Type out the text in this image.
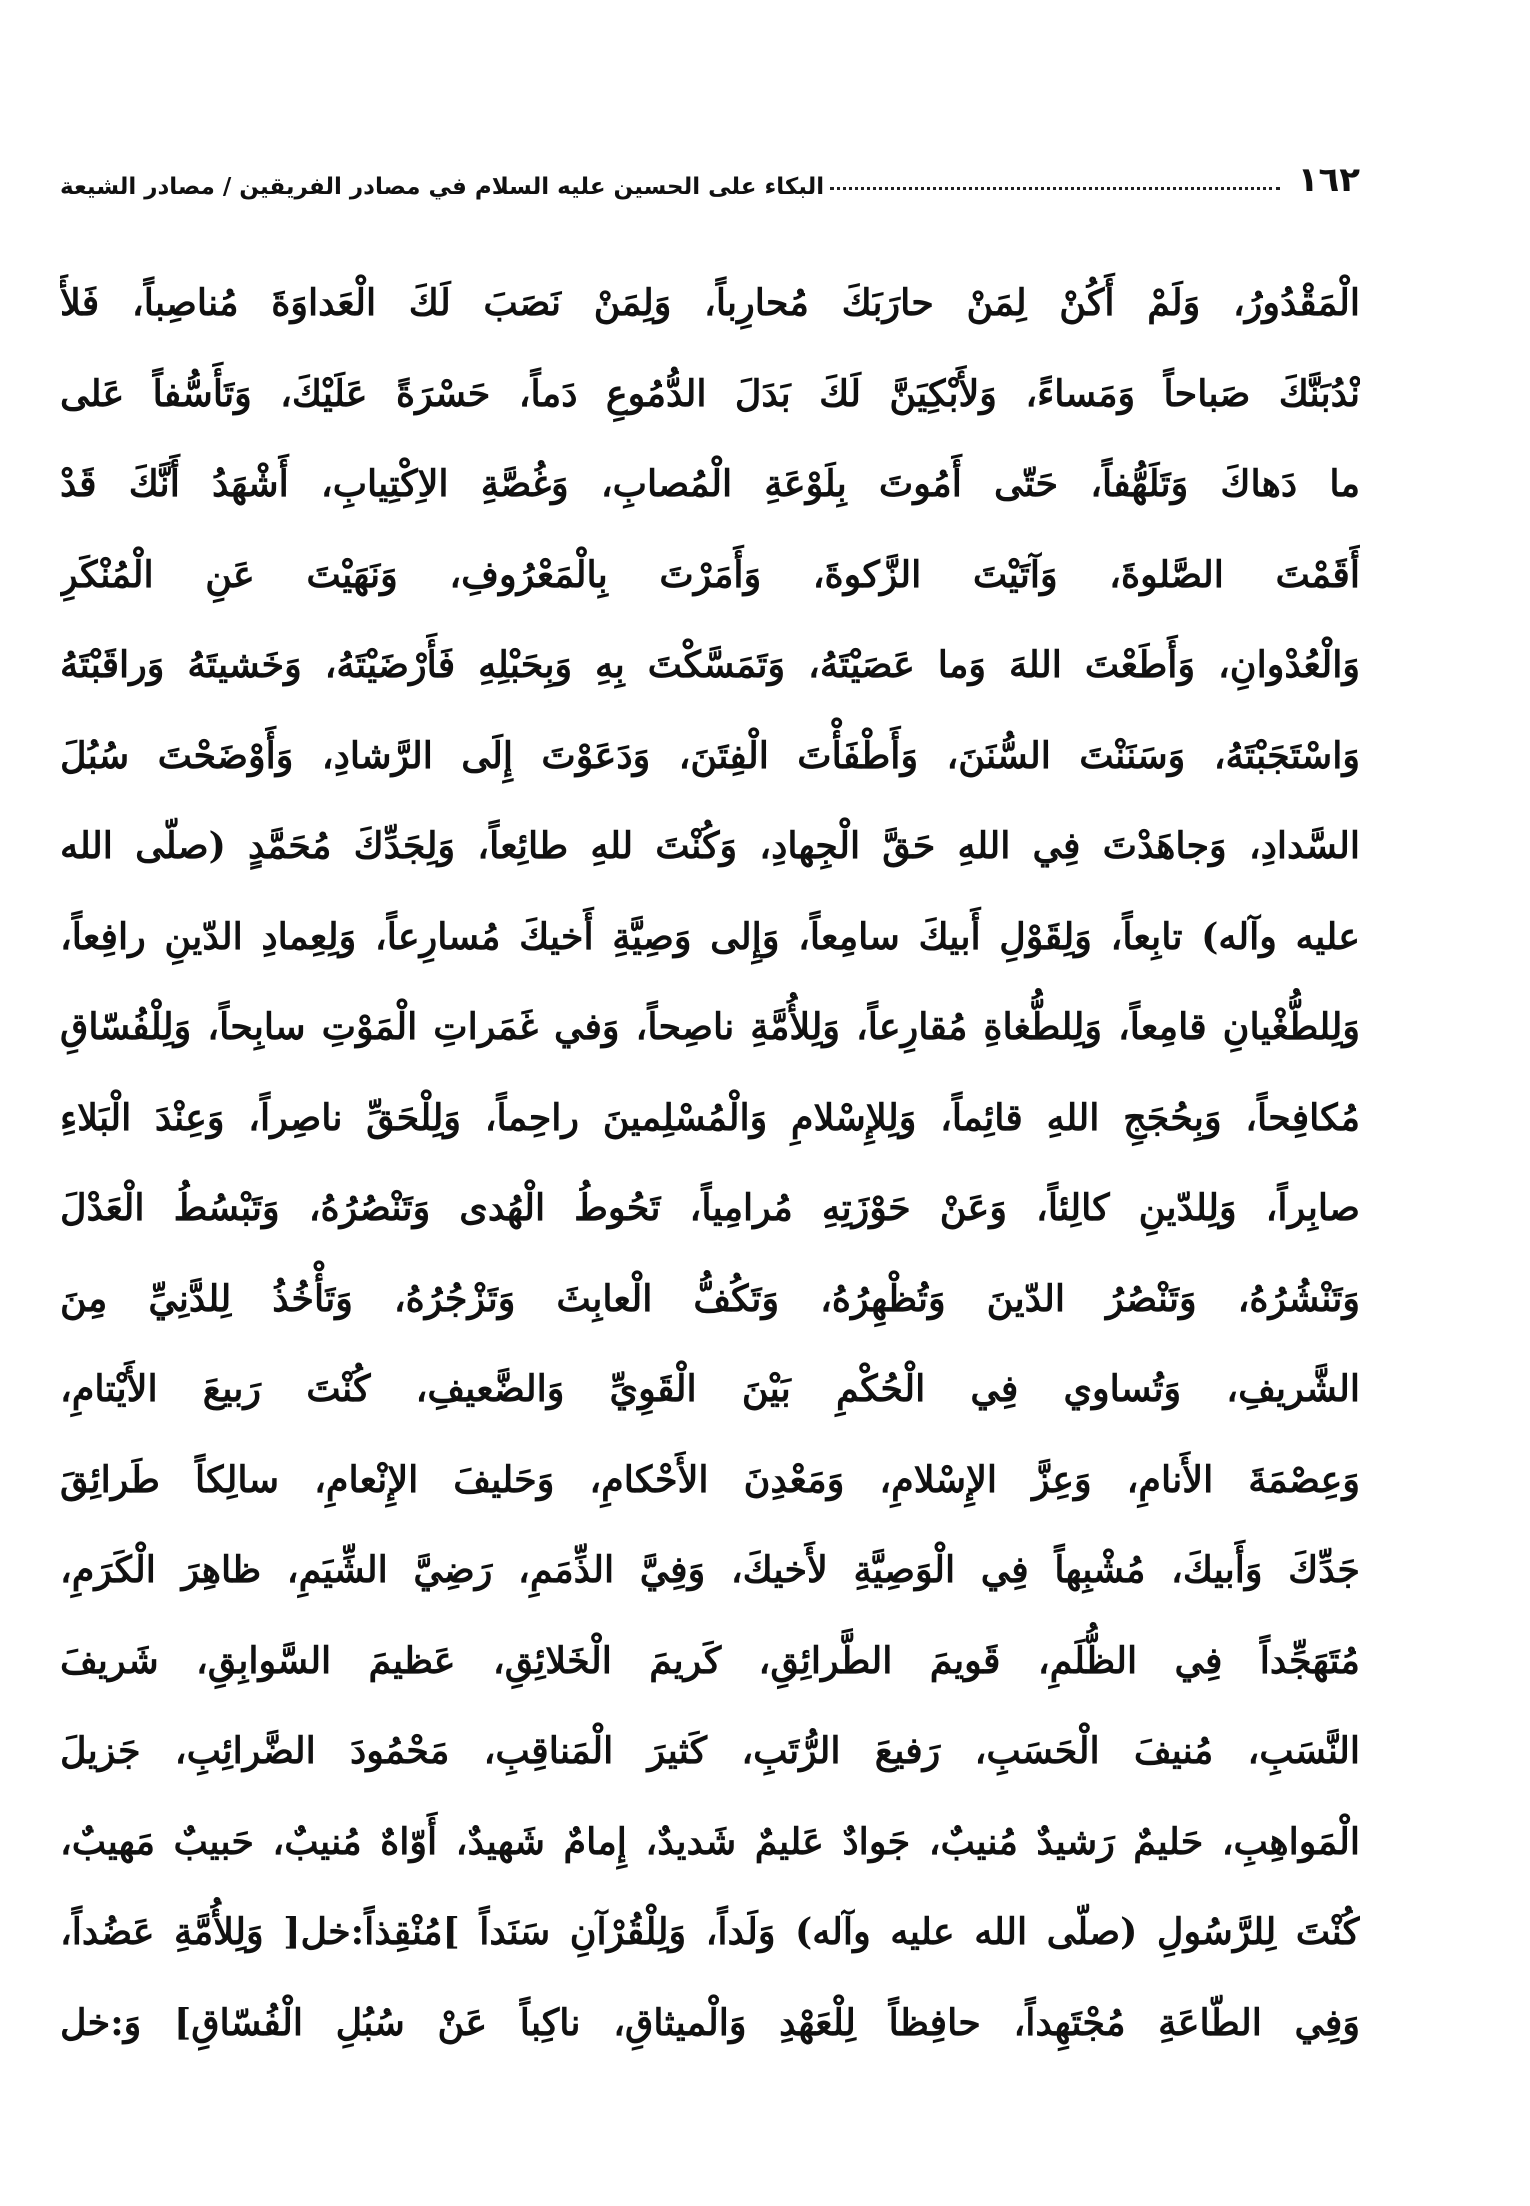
١٦٢
البكاء على الحسين عليه السلام في مصادر الفريقين / مصادر الشيعة
الْمَقْدُورُ، وَلَمْ أَكُنْ لِمَنْ حارَبَكَ مُحارِباً، وَلِمَنْ نَصَبَ لَكَ الْعَداوَةَ مُناصِباً، فَلأَ
نْدُبَنَّكَ صَباحاً وَمَساءً، وَلأَبْكِيَنَّ لَكَ بَدَلَ الدُّمُوعِ دَماً، حَسْرَةً عَلَيْكَ، وَتَأَسُّفاً عَلى
ما دَهاكَ وَتَلَهُّفاً، حَتّى أَمُوتَ بِلَوْعَةِ الْمُصابِ، وَغُصَّةِ الاِكْتِيابِ، أَشْهَدُ أَنَّكَ قَدْ
أَقَمْتَ الصَّلوةَ، وَآتَيْتَ الزَّكوةَ، وَأَمَرْتَ بِالْمَعْرُوفِ، وَنَهَيْتَ عَنِ الْمُنْكَرِ
وَالْعُدْوانِ، وَأَطَعْتَ اللهَ وَما عَصَيْتَهُ، وَتَمَسَّكْتَ بِهِ وَبِحَبْلِهِ فَأَرْضَيْتَهُ، وَخَشيتَهُ وَراقَبْتَهُ
وَاسْتَجَبْتَهُ، وَسَنَنْتَ السُّنَنَ، وَأَطْفَأْتَ الْفِتَنَ، وَدَعَوْتَ إِلَى الرَّشادِ، وَأَوْضَحْتَ سُبُلَ
السَّدادِ، وَجاهَدْتَ فِي اللهِ حَقَّ الْجِهادِ، وَكُنْتَ للهِ طائِعاً، وَلِجَدِّكَ مُحَمَّدٍ (صلّى الله
عليه وآله) تابِعاً، وَلِقَوْلِ أَبيكَ سامِعاً، وَإِلى وَصِيَّةِ أَخيكَ مُسارِعاً، وَلِعِمادِ الدّينِ رافِعاً،
وَلِلطُّغْيانِ قامِعاً، وَلِلطُّغاةِ مُقارِعاً، وَلِلأُمَّةِ ناصِحاً، وَفي غَمَراتِ الْمَوْتِ سابِحاً، وَلِلْفُسّاقِ
مُكافِحاً، وَبِحُجَجِ اللهِ قائِماً، وَلِلإِسْلامِ وَالْمُسْلِمينَ راحِماً، وَلِلْحَقِّ ناصِراً، وَعِنْدَ الْبَلاءِ
صابِراً، وَلِلدّينِ كالِئاً، وَعَنْ حَوْزَتِهِ مُرامِياً، تَحُوطُ الْهُدى وَتَنْصُرُهُ، وَتَبْسُطُ الْعَدْلَ
وَتَنْشُرُهُ، وَتَنْصُرُ الدّينَ وَتُظْهِرُهُ، وَتَكُفُّ الْعابِثَ وَتَزْجُرُهُ، وَتَأْخُذُ لِلدَّنِيِّ مِنَ
الشَّريفِ، وَتُساوي فِي الْحُكْمِ بَيْنَ الْقَوِيِّ وَالضَّعيفِ، كُنْتَ رَبيعَ الأَيْتامِ،
وَعِصْمَةَ الأَنامِ، وَعِزَّ الإِسْلامِ، وَمَعْدِنَ الأَحْكامِ، وَحَليفَ الإِنْعامِ، سالِكاً طَرائِقَ
جَدِّكَ وَأَبيكَ، مُشْبِهاً فِي الْوَصِيَّةِ لأَخيكَ، وَفِيَّ الذِّمَمِ، رَضِيَّ الشِّيَمِ، ظاهِرَ الْكَرَمِ،
مُتَهَجِّداً فِي الظُّلَمِ، قَويمَ الطَّرائِقِ، كَريمَ الْخَلائِقِ، عَظيمَ السَّوابِقِ، شَريفَ
النَّسَبِ، مُنيفَ الْحَسَبِ، رَفيعَ الرُّتَبِ، كَثيرَ الْمَناقِبِ، مَحْمُودَ الضَّرائِبِ، جَزيلَ
الْمَواهِبِ، حَليمٌ رَشيدٌ مُنيبٌ، جَوادٌ عَليمٌ شَديدٌ، إِمامٌ شَهيدٌ، أَوّاهٌ مُنيبٌ، حَبيبٌ مَهيبٌ،
كُنْتَ لِلرَّسُولِ (صلّى الله عليه وآله) وَلَداً، وَلِلْقُرْآنِ سَنَداً ]مُنْقِذاً:خل[ وَلِلأُمَّةِ عَضُداً،
وَفِي الطّاعَةِ مُجْتَهِداً، حافِظاً لِلْعَهْدِ وَالْميثاقِ، ناكِباً عَنْ سُبُلِ الْفُسّاقِ] وَ:خل
